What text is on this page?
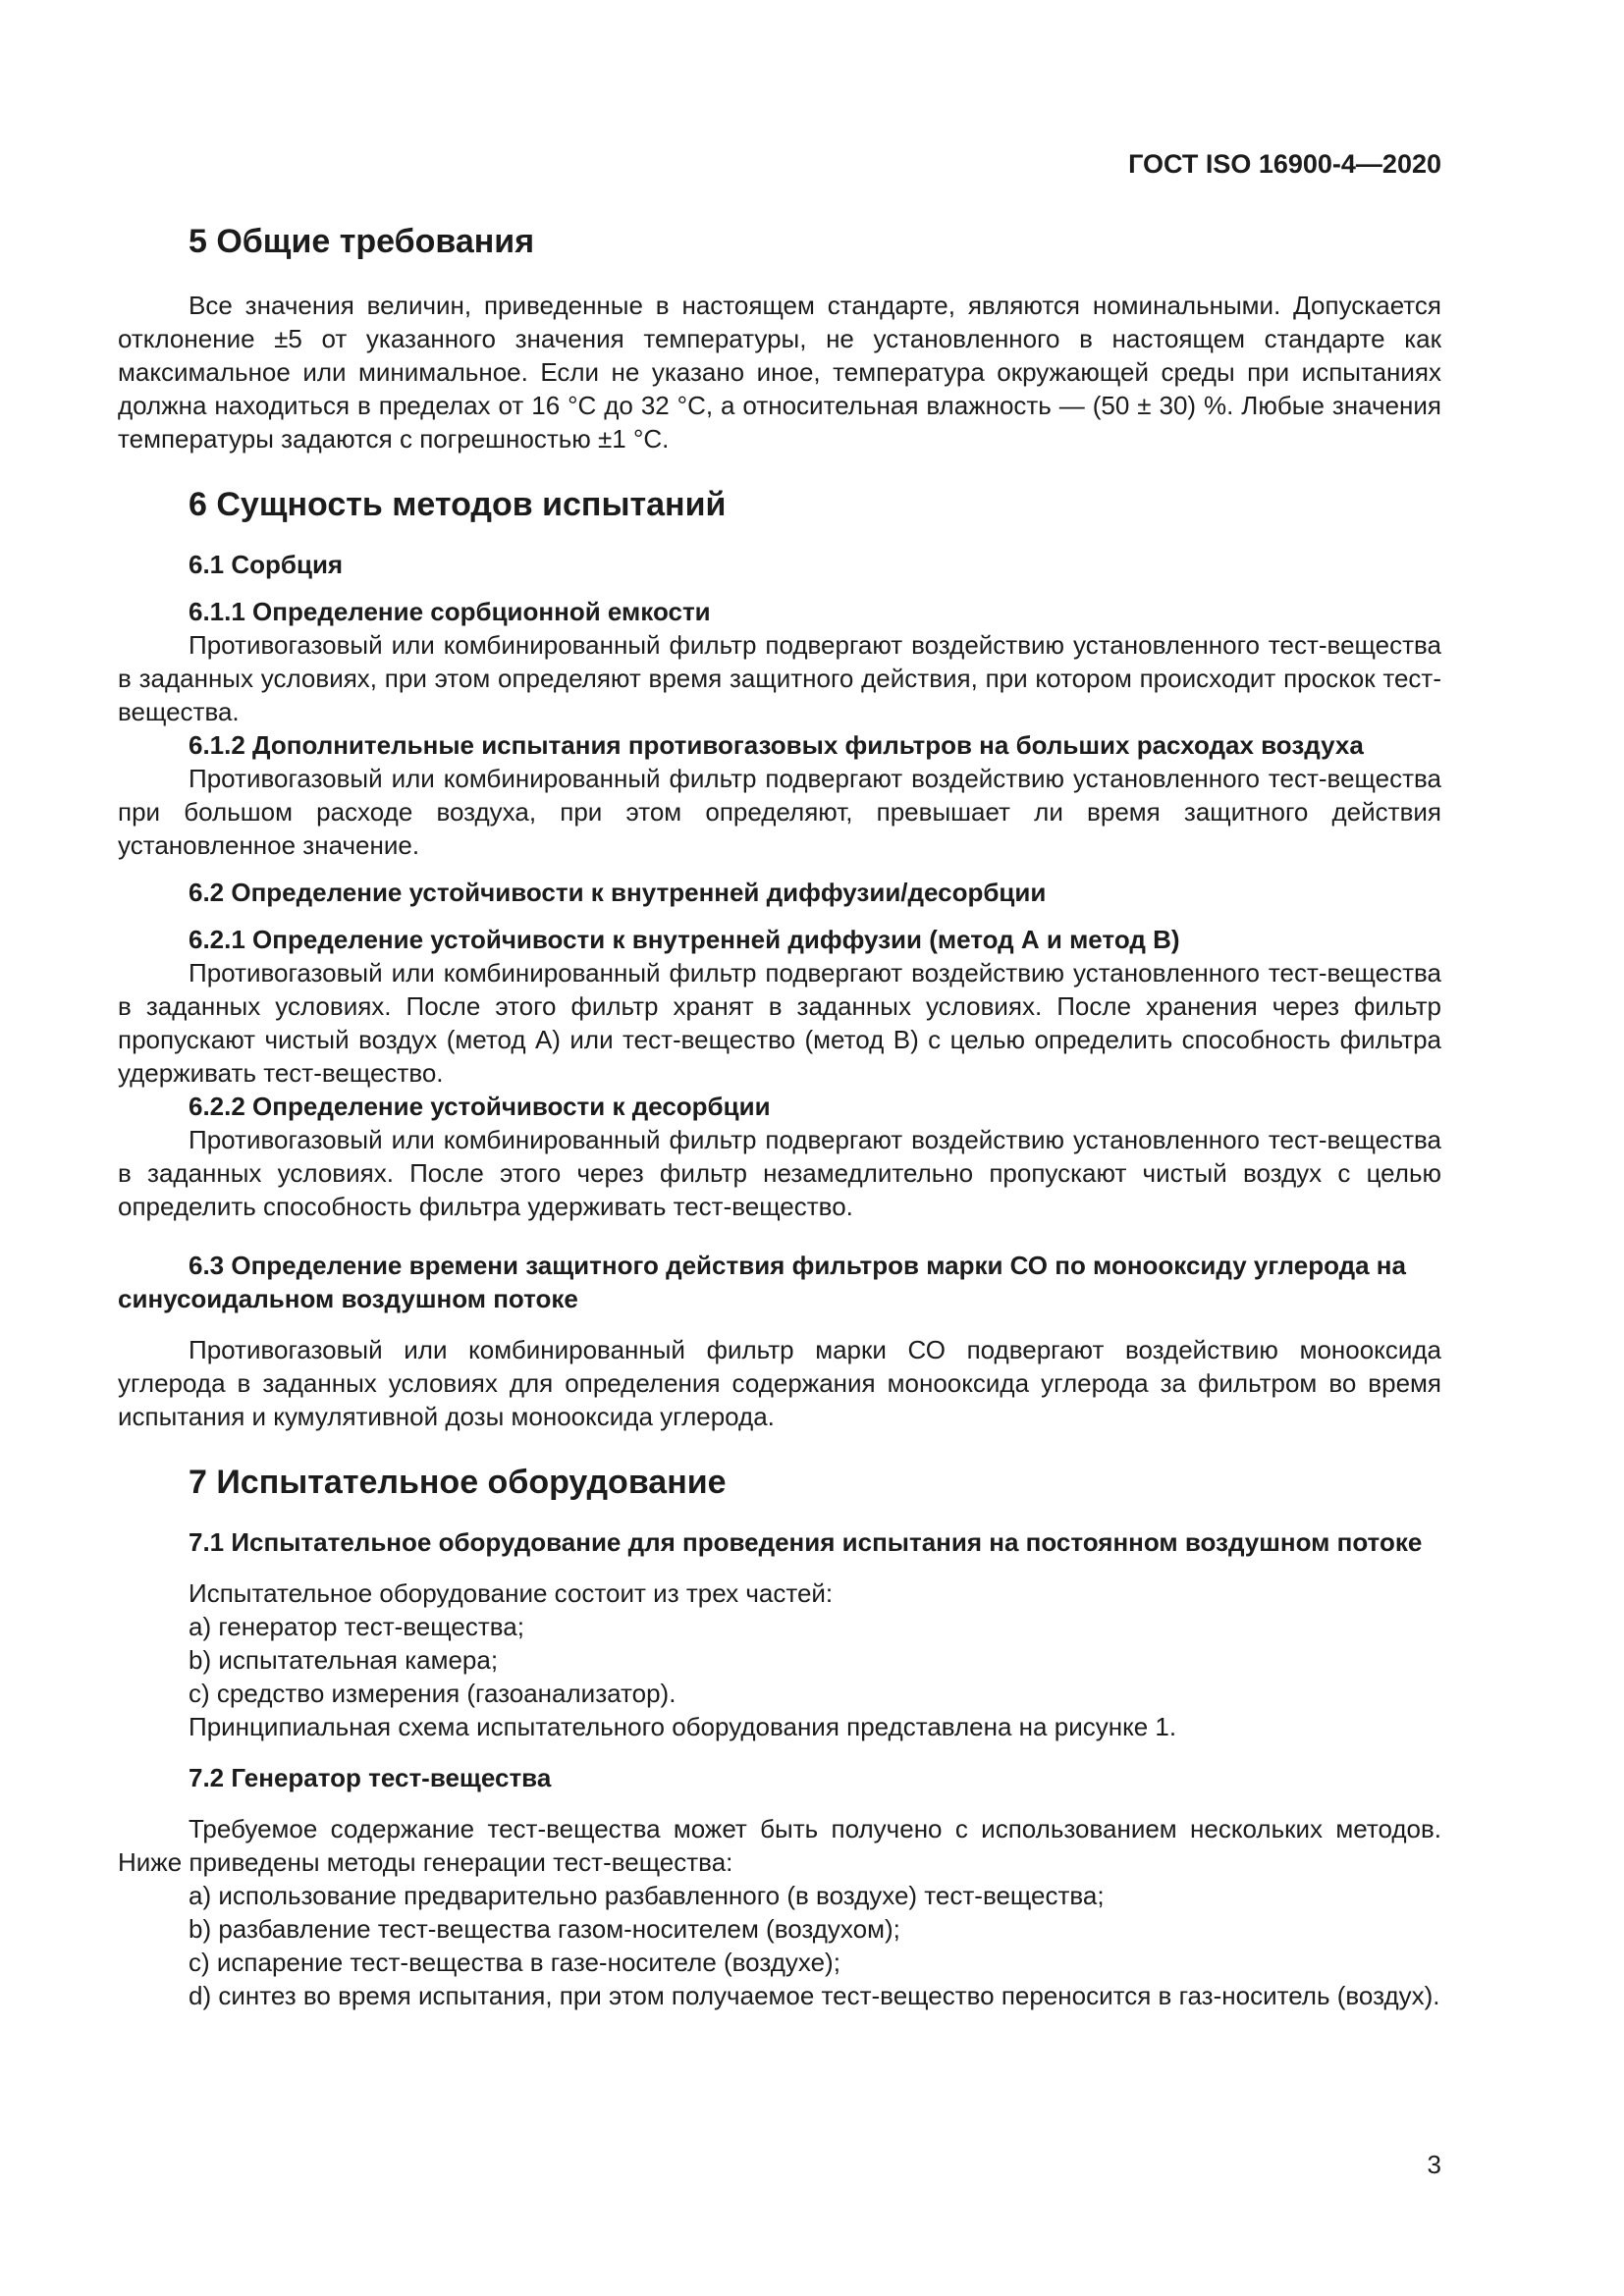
ГОСТ ISO 16900-4—2020

5 Общие требования

Все значения величин, приведенные в настоящем стандарте, являются номинальными. Допускается отклонение ±5 от указанного значения температуры, не установленного в настоящем стандарте как максимальное или минимальное. Если не указано иное, температура окружающей среды при испытаниях должна находиться в пределах от 16 °С до 32 °С, а относительная влажность — (50 ± 30) %. Любые значения температуры задаются с погрешностью ±1 °С.

6 Сущность методов испытаний
6.1 Сорбция
6.1.1 Определение сорбционной емкости

Противогазовый или комбинированный фильтр подвергают воздействию установленного тест-вещества в заданных условиях, при этом определяют время защитного действия, при котором происходит проскок тест-вещества.

6.1.2 Дополнительные испытания противогазовых фильтров на больших расходах воздуха

Противогазовый или комбинированный фильтр подвергают воздействию установленного тест-вещества при большом расходе воздуха, при этом определяют, превышает ли время защитного действия установленное значение.

6.2 Определение устойчивости к внутренней диффузии/десорбции
6.2.1 Определение устойчивости к внутренней диффузии (метод А и метод В)

Противогазовый или комбинированный фильтр подвергают воздействию установленного тест-вещества в заданных условиях. После этого фильтр хранят в заданных условиях. После хранения через фильтр пропускают чистый воздух (метод А) или тест-вещество (метод В) с целью определить способность фильтра удерживать тест-вещество.

6.2.2 Определение устойчивости к десорбции

Противогазовый или комбинированный фильтр подвергают воздействию установленного тест-вещества в заданных условиях. После этого через фильтр незамедлительно пропускают чистый воздух с целью определить способность фильтра удерживать тест-вещество.

6.3 Определение времени защитного действия фильтров марки СО по монооксиду углерода на синусоидальном воздушном потоке

Противогазовый или комбинированный фильтр марки СО подвергают воздействию монооксида углерода в заданных условиях для определения содержания монооксида углерода за фильтром во время испытания и кумулятивной дозы монооксида углерода.

7 Испытательное оборудование
7.1 Испытательное оборудование для проведения испытания на постоянном воздушном потоке

Испытательное оборудование состоит из трех частей:

а) генератор тест-вещества;
b) испытательная камера;
с) средство измерения (газоанализатор).

Принципиальная схема испытательного оборудования представлена на рисунке 1.

7.2 Генератор тест-вещества

Требуемое содержание тест-вещества может быть получено с использованием нескольких методов. Ниже приведены методы генерации тест-вещества:

а) использование предварительно разбавленного (в воздухе) тест-вещества;
b) разбавление тест-вещества газом-носителем (воздухом);
с) испарение тест-вещества в газе-носителе (воздухе);

d) синтез во время испытания, при этом получаемое тест-вещество переносится в газ-носитель (воздух).

3
